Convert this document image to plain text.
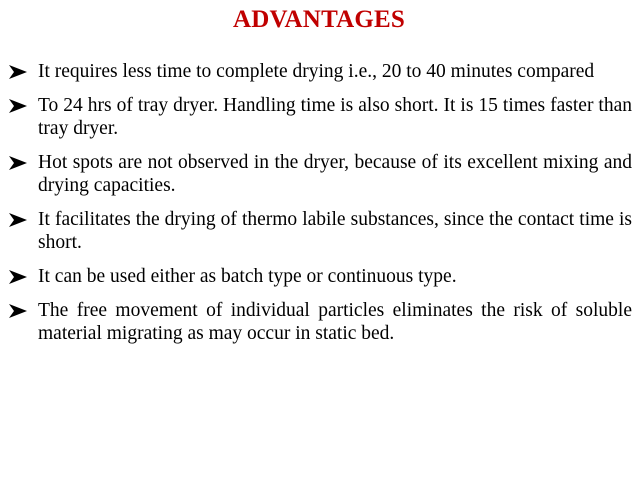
ADVANTAGES
It requires less time to complete drying i.e., 20 to 40 minutes compared
To 24 hrs of tray dryer. Handling time is also short. It is 15 times faster than tray dryer.
Hot spots are not observed in the dryer, because of its excellent mixing and drying capacities.
It facilitates the drying of thermo labile substances, since the contact time is short.
It can be used either as batch type or continuous type.
The free movement of individual particles eliminates the risk of soluble material migrating as may occur in static bed.
